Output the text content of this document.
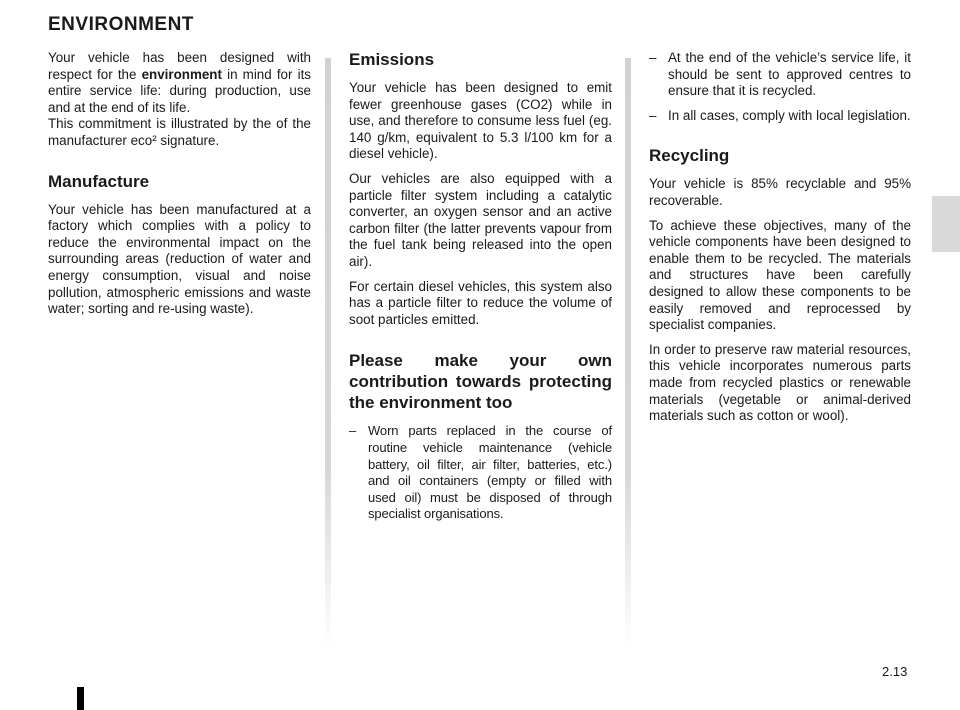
ENVIRONMENT

Your vehicle has been designed with respect for the environment in mind for its entire service life: during production, use and at the end of its life.
This commitment is illustrated by the of the manufacturer eco² signature.

Manufacture

Your vehicle has been manufactured at a factory which complies with a policy to reduce the environmental impact on the surrounding areas (reduction of water and energy consumption, visual and noise pollution, atmospheric emissions and waste water; sorting and re-using waste).

Emissions

Your vehicle has been designed to emit fewer greenhouse gases (CO2) while in use, and therefore to consume less fuel (eg. 140 g/km, equivalent to 5.3 l/100 km for a diesel vehicle).

Our vehicles are also equipped with a particle filter system including a catalytic converter, an oxygen sensor and an active carbon filter (the latter prevents vapour from the fuel tank being released into the open air).

For certain diesel vehicles, this system also has a particle filter to reduce the volume of soot particles emitted.

Please make your own contribution towards protecting the environment too
– Worn parts replaced in the course of routine vehicle maintenance (vehicle battery, oil filter, air filter, batteries, etc.) and oil containers (empty or filled with used oil) must be disposed of through specialist organisations.
– At the end of the vehicle’s service life, it should be sent to approved centres to ensure that it is recycled.
– In all cases, comply with local legislation.
Recycling

Your vehicle is 85% recyclable and 95% recoverable.

To achieve these objectives, many of the vehicle components have been designed to enable them to be recycled. The materials and structures have been carefully designed to allow these components to be easily removed and reprocessed by specialist companies.

In order to preserve raw material resources, this vehicle incorporates numerous parts made from recycled plastics or renewable materials (vegetable or animal-derived materials such as cotton or wool).

2.13
